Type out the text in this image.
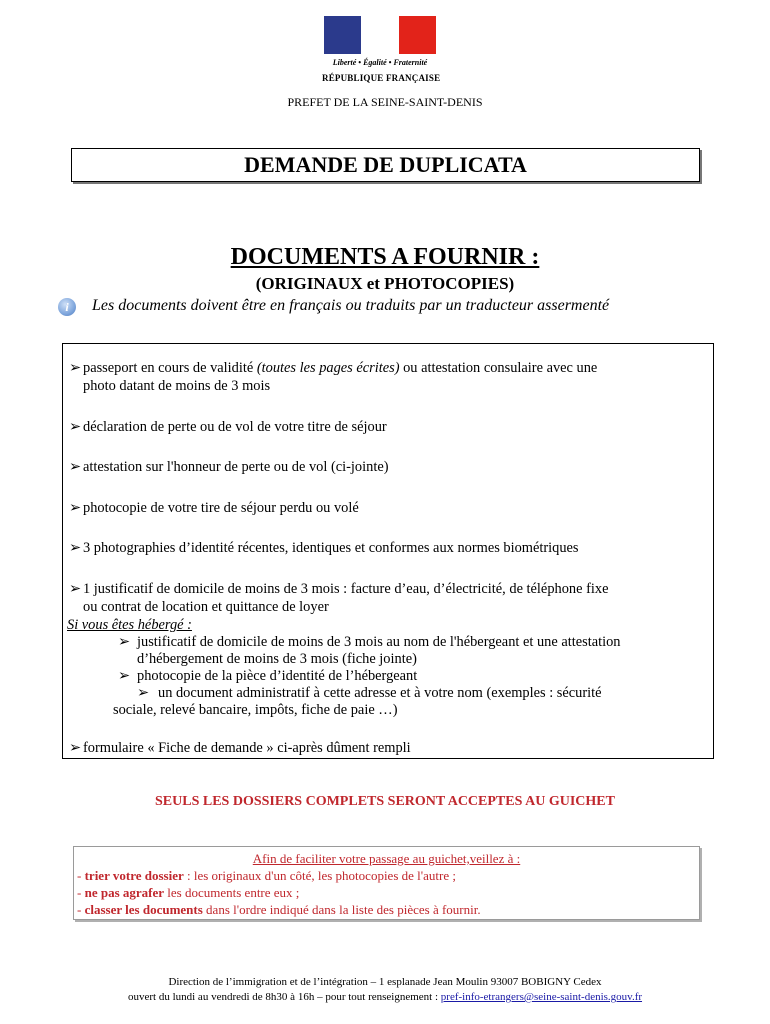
Liberté • Égalité • Fraternité
RÉPUBLIQUE FRANÇAISE
PREFET DE LA SEINE-SAINT-DENIS
DEMANDE DE DUPLICATA
DOCUMENTS A FOURNIR :
(ORIGINAUX et PHOTOCOPIES)
i	Les documents doivent être en français ou traduits par un traducteur assermenté
➢ passeport en cours de validité (toutes les pages écrites) ou attestation consulaire avec une
photo datant de moins de 3 mois
➢ déclaration de perte ou de vol de votre titre de séjour
➢ attestation sur l'honneur de perte ou de vol (ci-jointe)
➢ photocopie de votre tire de séjour perdu ou volé
➢ 3 photographies d’identité récentes, identiques et conformes aux normes biométriques
➢ 1 justificatif de domicile de moins de 3 mois : facture d’eau, d’électricité, de téléphone fixe
ou contrat de location et quittance de loyer
Si vous êtes hébergé :
➢ justificatif de domicile de moins de 3 mois au nom de l'hébergeant et une attestation
d’hébergement de moins de 3 mois (fiche jointe)
➢ photocopie de la pièce d’identité de l’hébergeant
➢ un document administratif à cette adresse et à votre nom (exemples : sécurité
sociale, relevé bancaire, impôts, fiche de paie …)
➢ formulaire « Fiche de demande » ci-après dûment rempli
SEULS LES DOSSIERS COMPLETS SERONT ACCEPTES AU GUICHET
Afin de faciliter votre passage au guichet,veillez à :
- trier votre dossier : les originaux d'un côté, les photocopies de l'autre ;
- ne pas agrafer les documents entre eux ;
- classer les documents dans l'ordre indiqué dans la liste des pièces à fournir.
Direction de l’immigration et de l’intégration – 1 esplanade Jean Moulin 93007 BOBIGNY Cedex
ouvert du lundi au vendredi de 8h30 à 16h – pour tout renseignement : pref-info-etrangers@seine-saint-denis.gouv.fr
